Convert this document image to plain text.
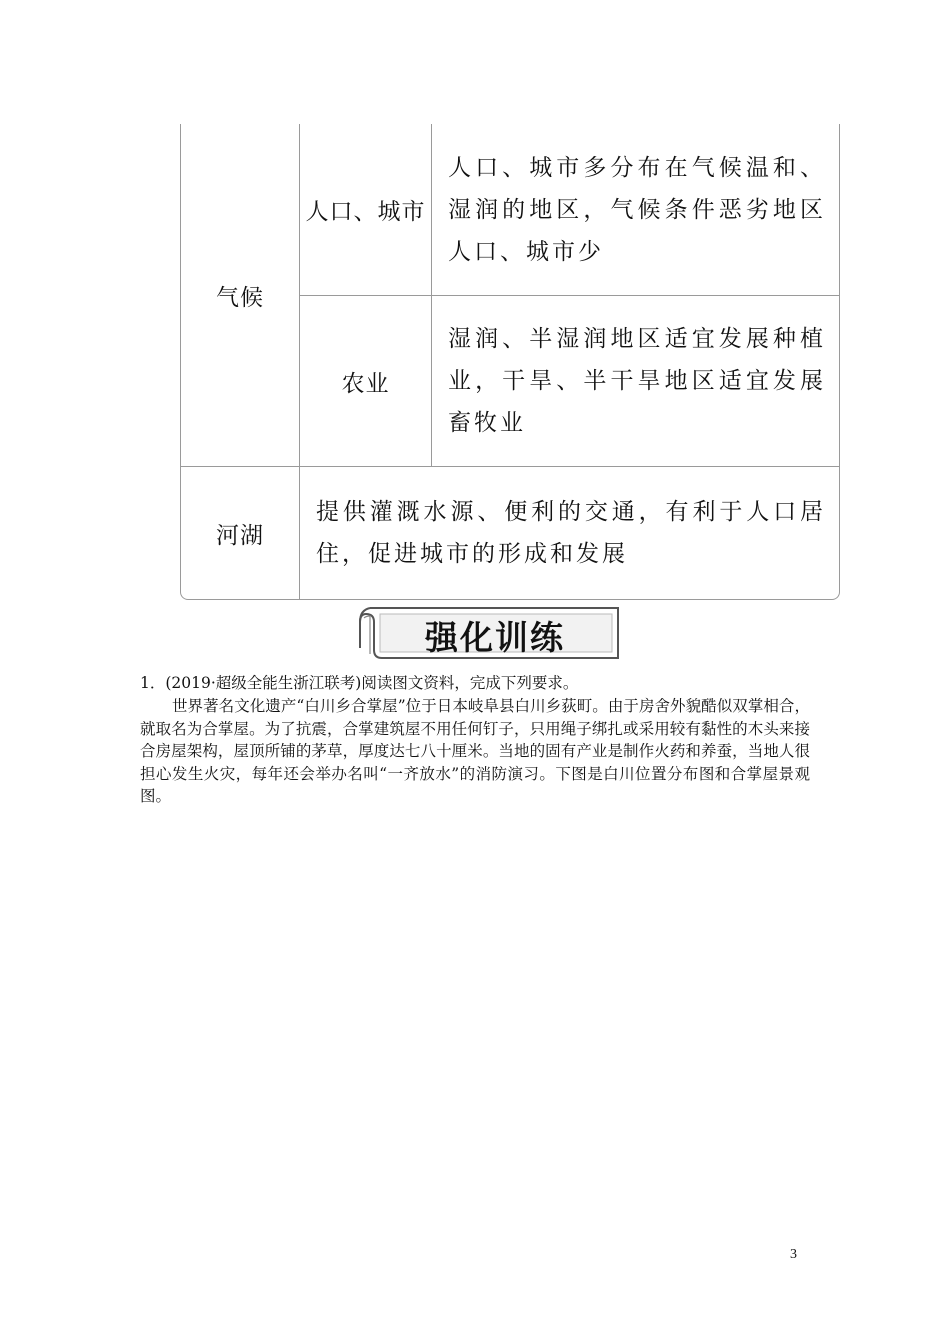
气候
人口、城市
人口、城市多分布在气候温和、湿润的地区，气候条件恶劣地区人口、城市少
农业
湿润、半湿润地区适宜发展种植业，干旱、半干旱地区适宜发展畜牧业
河湖
提供灌溉水源、便利的交通，有利于人口居住，促进城市的形成和发展
强化训练
1．(2019·超级全能生浙江联考)阅读图文资料，完成下列要求。
世界著名文化遗产“白川乡合掌屋”位于日本岐阜县白川乡荻町。由于房舍外貌酷似双掌相合，就取名为合掌屋。为了抗震，合掌建筑屋不用任何钉子，只用绳子绑扎或采用较有黏性的木头来接合房屋架构，屋顶所铺的茅草，厚度达七八十厘米。当地的固有产业是制作火药和养蚕，当地人很担心发生火灾，每年还会举办名叫“一齐放水”的消防演习。下图是白川位置分布图和合掌屋景观图。
3
